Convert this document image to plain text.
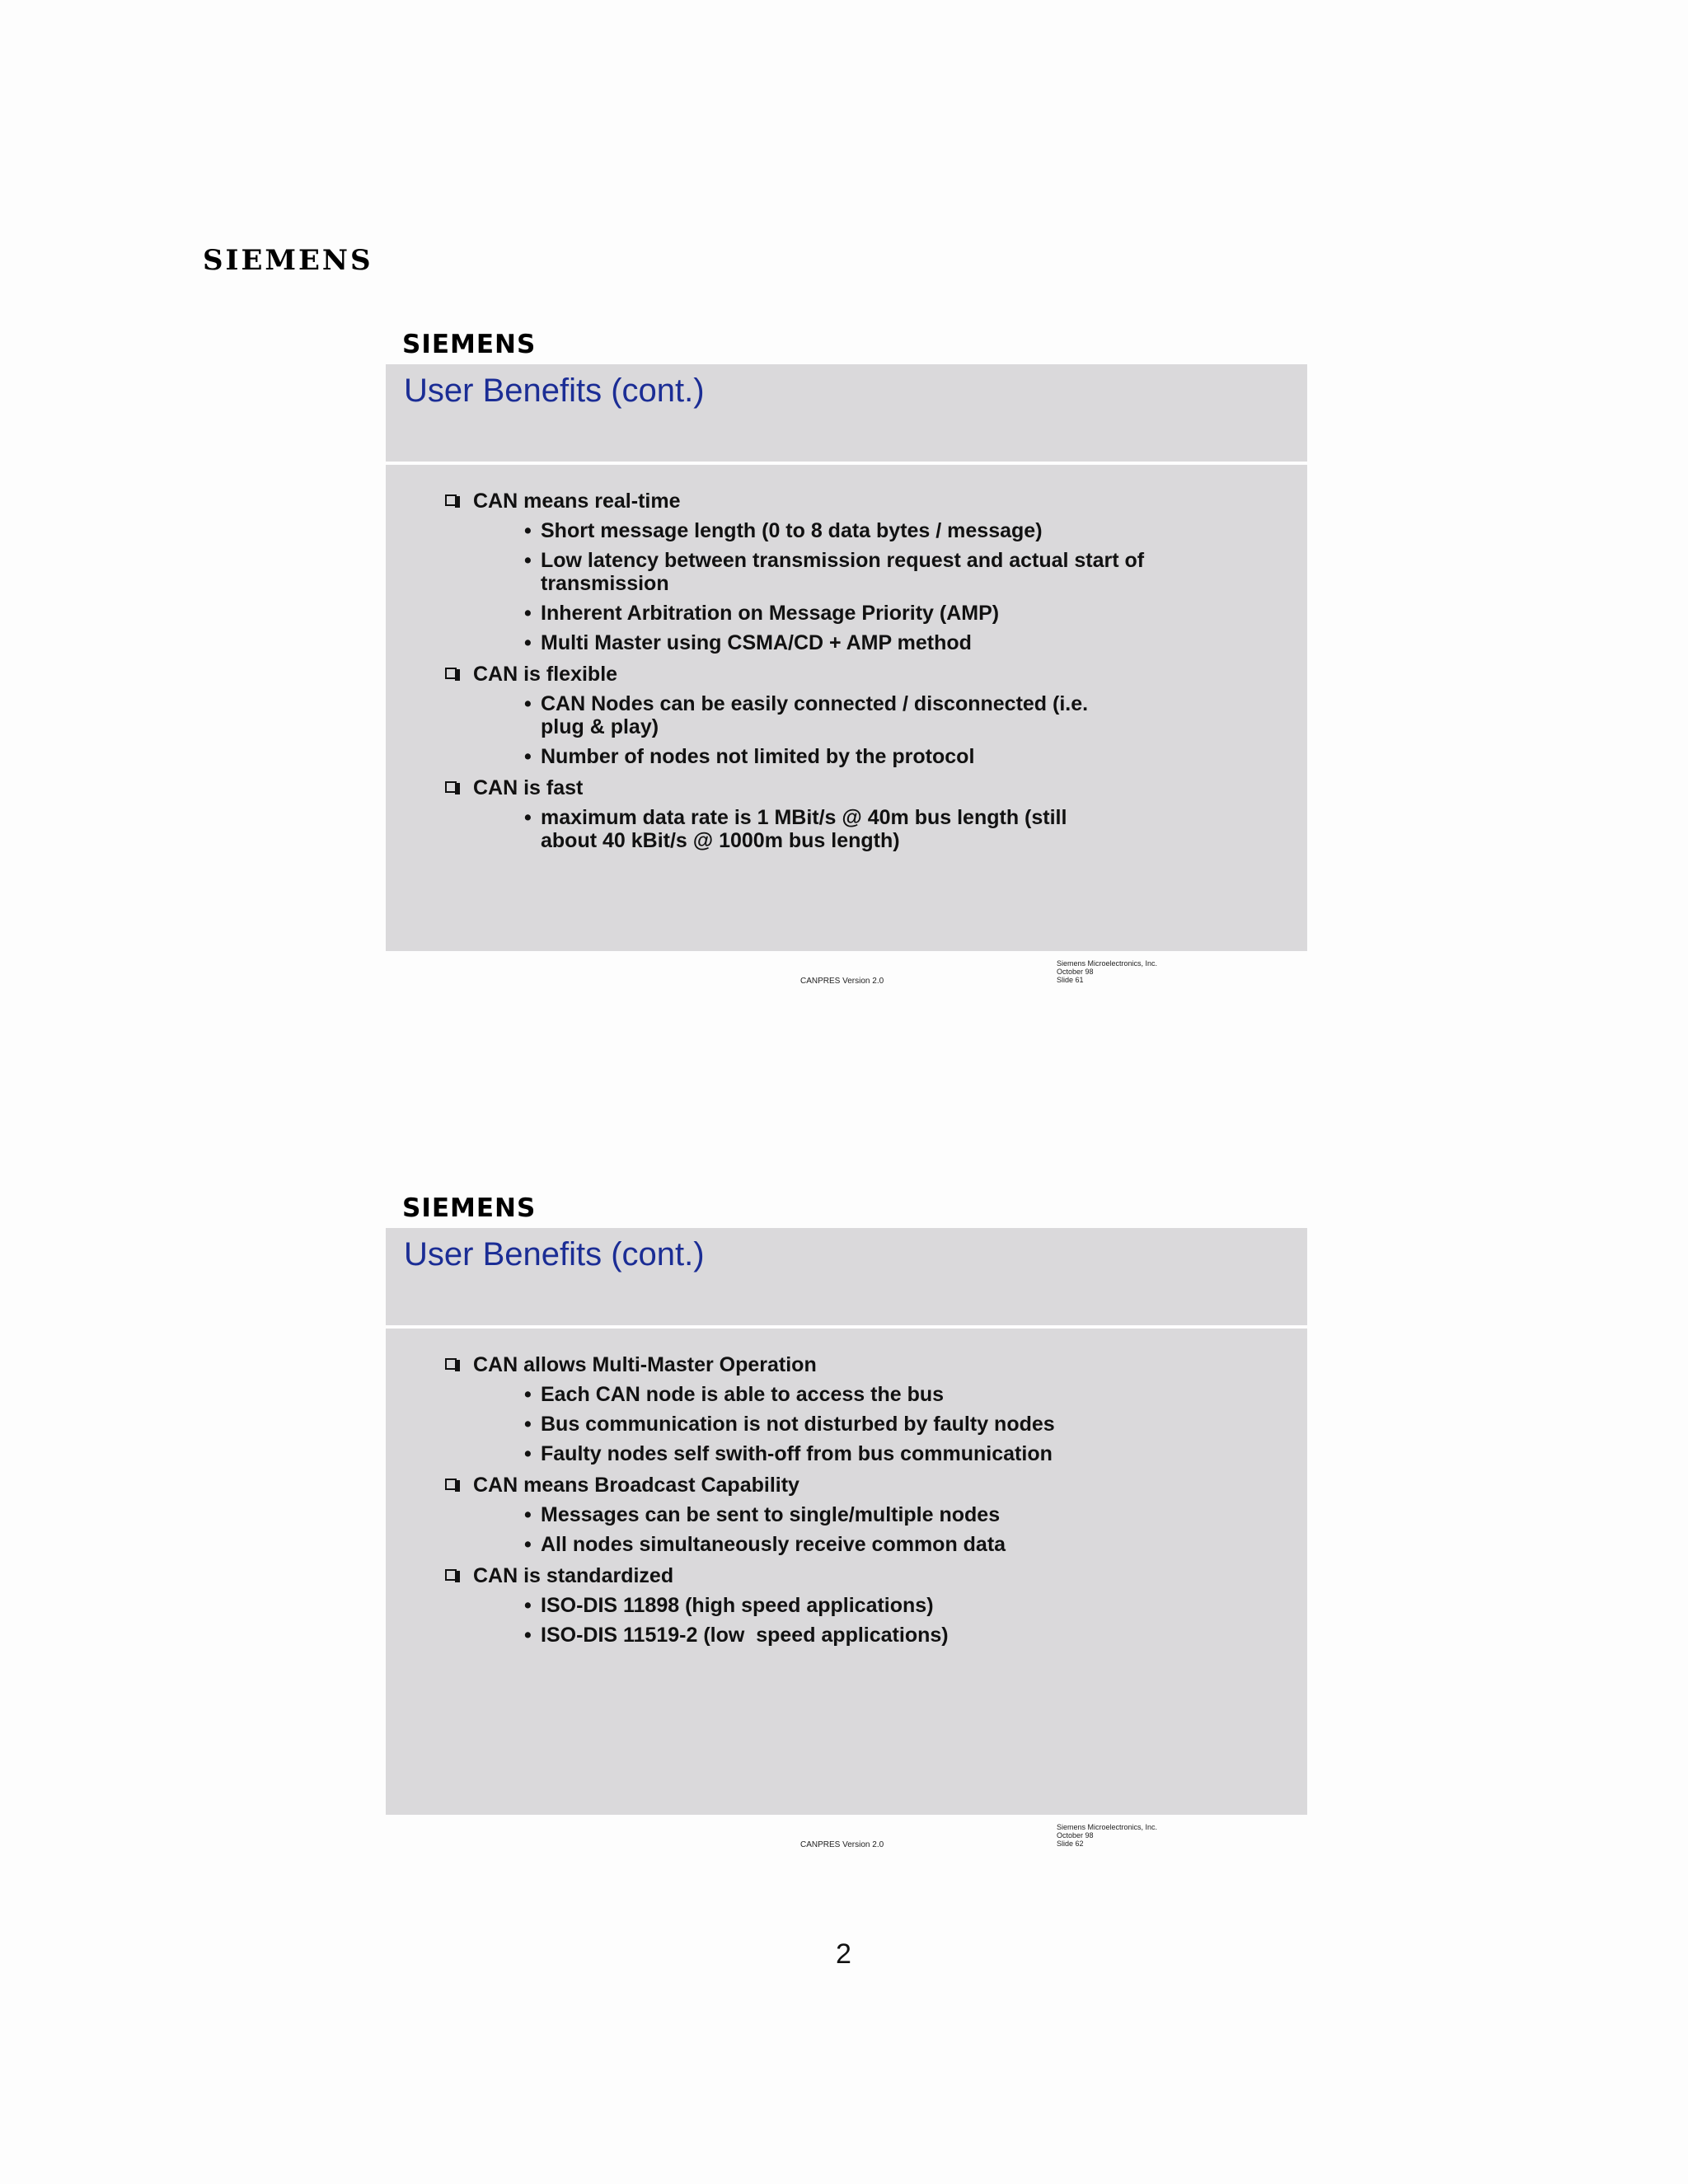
SIEMENS
SIEMENS
User Benefits (cont.)
CAN means real-time
• Short message length (0 to 8 data bytes / message)
• Low latency between transmission request and actual start of transmission
• Inherent Arbitration on Message Priority (AMP)
• Multi Master using CSMA/CD + AMP method
CAN is flexible
• CAN Nodes can be easily connected / disconnected (i.e. plug & play)
• Number of nodes not limited by the protocol
CAN is fast
• maximum data rate is 1 MBit/s @ 40m bus length (still about 40 kBit/s @ 1000m bus length)
CANPRES Version 2.0
Siemens Microelectronics, Inc.
October 98
Slide 61
SIEMENS
User Benefits (cont.)
CAN allows Multi-Master Operation
• Each CAN node is able to access the bus
• Bus communication is not disturbed by faulty nodes
• Faulty nodes self swith-off from bus communication
CAN means Broadcast Capability
• Messages can be sent to single/multiple nodes
• All nodes simultaneously receive common data
CAN is standardized
• ISO-DIS 11898 (high speed applications)
• ISO-DIS 11519-2 (low  speed applications)
CANPRES Version 2.0
Siemens Microelectronics, Inc.
October 98
Slide 62
2
